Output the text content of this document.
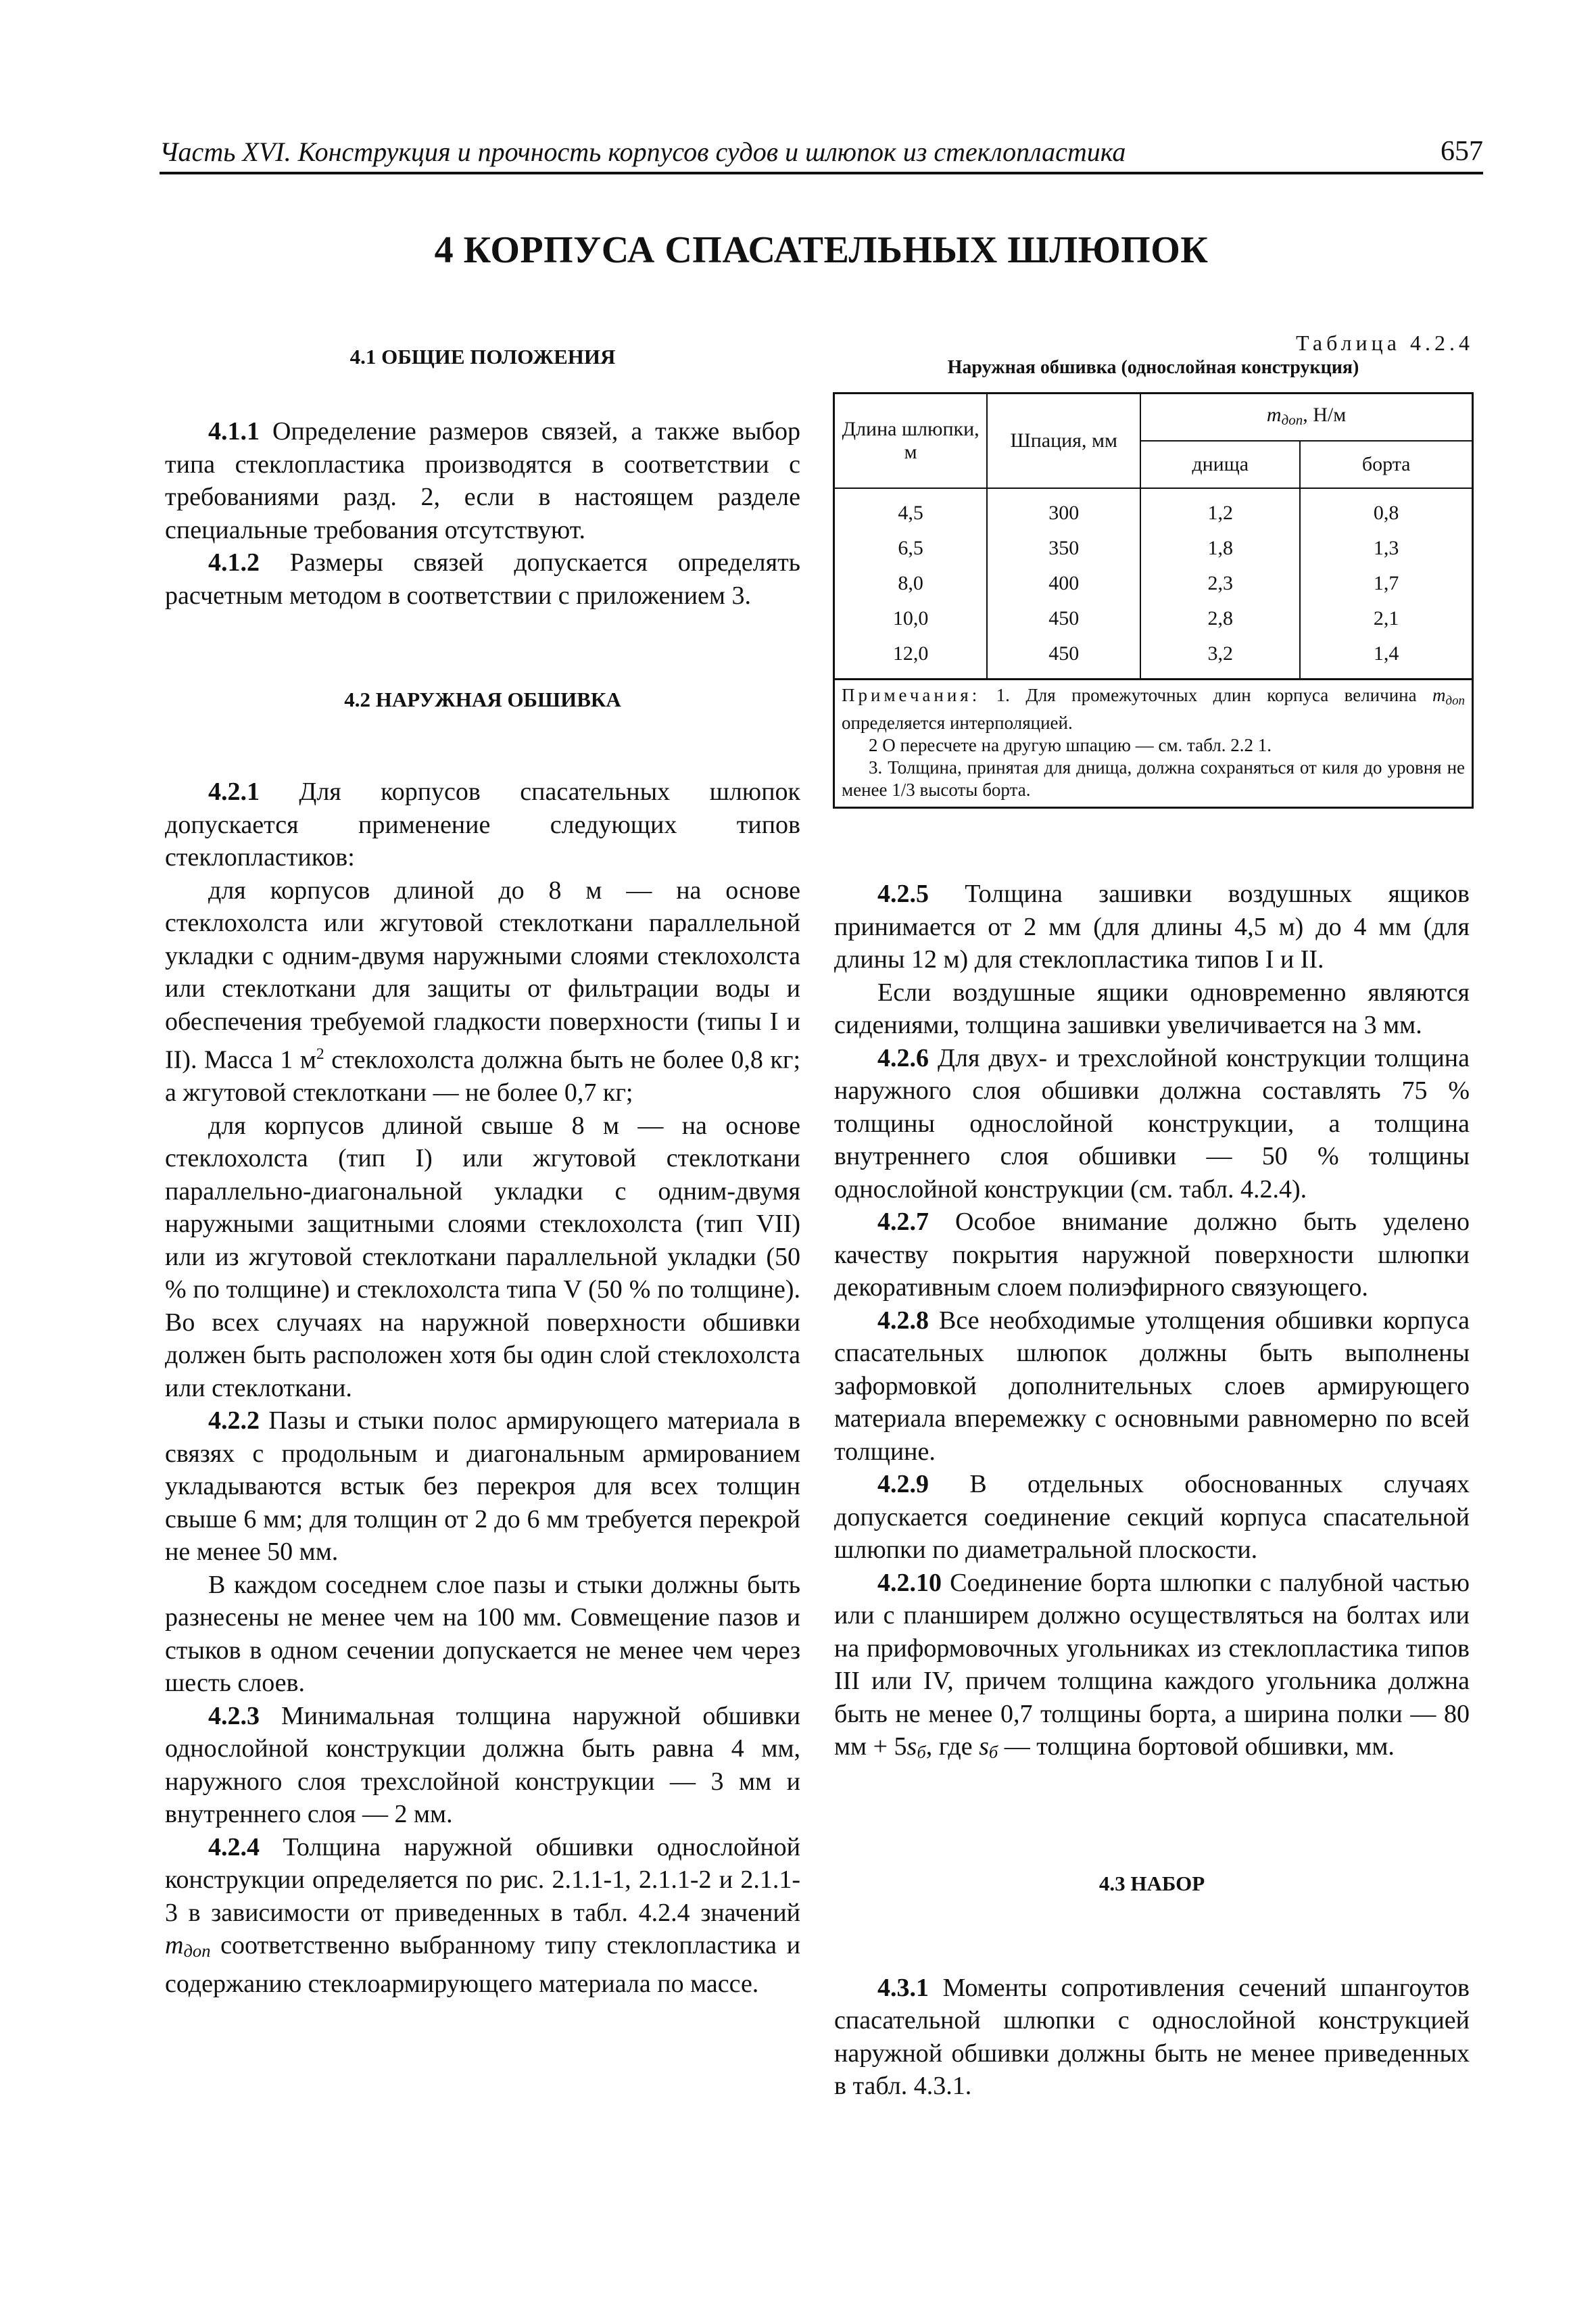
Часть XVI. Конструкция и прочность корпусов судов и шлюпок из стеклопластика	657
4 КОРПУСА СПАСАТЕЛЬНЫХ ШЛЮПОК
4.1 ОБЩИЕ ПОЛОЖЕНИЯ

4.1.1 Определение размеров связей, а также выбор типа стеклопластика производятся в соответствии с требованиями разд. 2, если в настоящем разделе специальные требования отсутствуют.

4.1.2 Размеры связей допускается определять расчетным методом в соответствии с приложением 3.

4.2 НАРУЖНАЯ ОБШИВКА

4.2.1 Для корпусов спасательных шлюпок допускается применение следующих типов стеклопластиков:

для корпусов длиной до 8 м — на основе стеклохолста или жгутовой стеклоткани параллельной укладки с одним-двумя наружными слоями стеклохолста или стеклоткани для защиты от фильтрации воды и обеспечения требуемой гладкости поверхности (типы I и II). Масса 1 $м^2$ стеклохолста должна быть не более 0,8 кг; а жгутовой стеклоткани — не более 0,7 кг;

для корпусов длиной свыше 8 м — на основе стеклохолста (тип I) или жгутовой стеклоткани параллельно-диагональной укладки с одним-двумя наружными защитными слоями стеклохолста (тип VII) или из жгутовой стеклоткани параллельной укладки (50 % по толщине) и стеклохолста типа V (50 % по толщине). Во всех случаях на наружной поверхности обшивки должен быть расположен хотя бы один слой стеклохолста или стеклоткани.

4.2.2 Пазы и стыки полос армирующего материала в связях с продольным и диагональным армированием укладываются встык без перекроя для всех толщин свыше 6 мм; для толщин от 2 до 6 мм требуется перекрой не менее 50 мм.

В каждом соседнем слое пазы и стыки должны быть разнесены не менее чем на 100 мм. Совмещение пазов и стыков в одном сечении допускается не менее чем через шесть слоев.

4.2.3 Минимальная толщина наружной обшивки однослойной конструкции должна быть равна 4 мм, наружного слоя трехслойной конструкции — 3 мм и внутреннего слоя — 2 мм.

4.2.4 Толщина наружной обшивки однослойной конструкции определяется по рис. 2.1.1-1, 2.1.1-2 и 2.1.1-3 в зависимости от приведенных в табл. 4.2.4 значений mдоп соответственно выбранному типу стеклопластика и содержанию стеклоармирующего материала по массе.

Таблица 4.2.4
Наружная обшивка (однослойная конструкция)
Длина шлюпки, м	Шпация, мм	$m_{доп}$, Н/м	
		днища	борта
4,5	300	1,2	0,8
6,5	350	1,8	1,3
8,0	400	2,3	1,7
10,0	450	2,8	2,1
12,0	450	3,2	1,4
Примечания: 1. Для промежуточных длин корпуса величина $m_{доп}$ определяется интерполяцией.
2 О пересчете на другую шпацию — см. табл. 2.2 1.
3. Толщина, принятая для днища, должна сохраняться от киля до уровня не менее 1/3 высоты борта.

4.2.5 Толщина зашивки воздушных ящиков принимается от 2 мм (для длины 4,5 м) до 4 мм (для длины 12 м) для стеклопластика типов I и II.

Если воздушные ящики одновременно являются сидениями, толщина зашивки увеличивается на 3 мм.

4.2.6 Для двух- и трехслойной конструкции толщина наружного слоя обшивки должна составлять 75 % толщины однослойной конструкции, а толщина внутреннего слоя обшивки — 50 % толщины однослойной конструкции (см. табл. 4.2.4).

4.2.7 Особое внимание должно быть уделено качеству покрытия наружной поверхности шлюпки декоративным слоем полиэфирного связующего.

4.2.8 Все необходимые утолщения обшивки корпуса спасательных шлюпок должны быть выполнены заформовкой дополнительных слоев армирующего материала вперемежку с основными равномерно по всей толщине.

4.2.9 В отдельных обоснованных случаях допускается соединение секций корпуса спасательной шлюпки по диаметральной плоскости.

4.2.10 Соединение борта шлюпки с палубной частью или с планширем должно осуществляться на болтах или на приформовочных угольниках из стеклопластика типов III или IV, причем толщина каждого угольника должна быть не менее 0,7 толщины борта, а ширина полки — 80 мм + 5sб, где sб — толщина бортовой обшивки, мм.

4.3 НАБОР

4.3.1 Моменты сопротивления сечений шпангоутов спасательной шлюпки с однослойной конструкцией наружной обшивки должны быть не менее приведенных в табл. 4.3.1.
